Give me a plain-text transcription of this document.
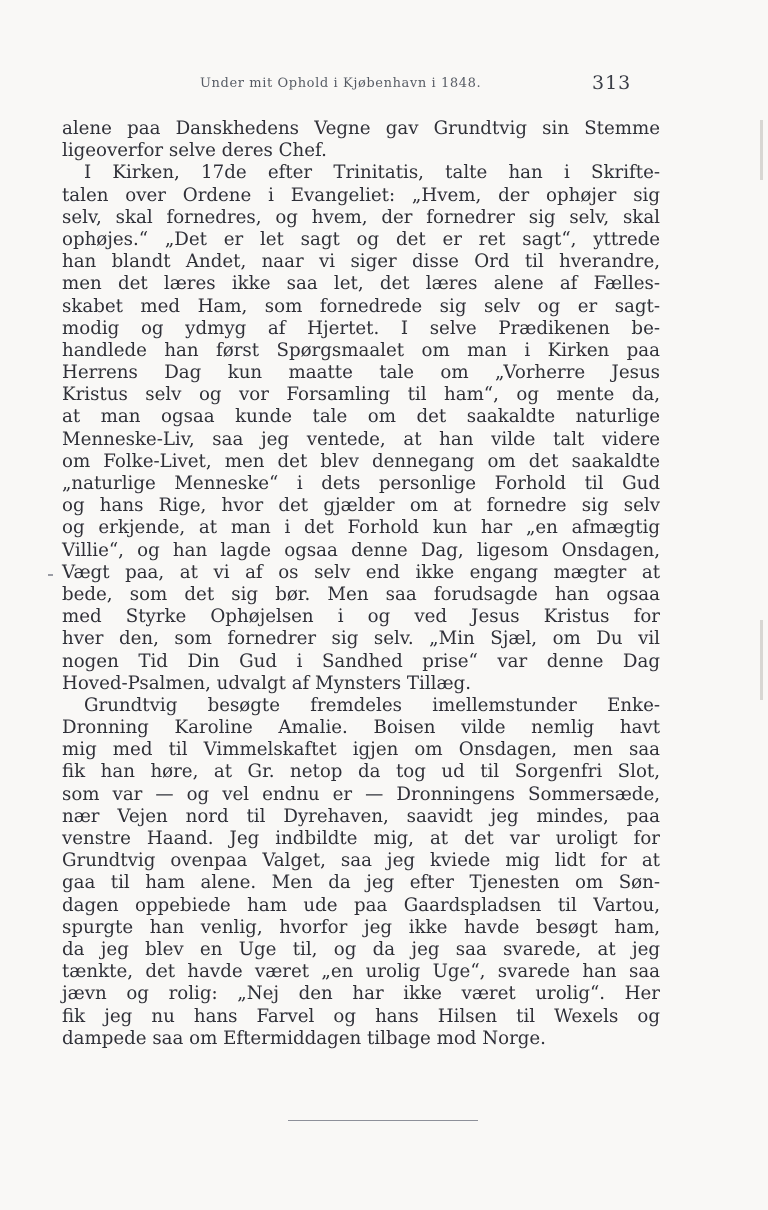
Under mit Ophold i Kjøbenhavn i 1848.	313
alene paa Danskhedens Vegne gav Grundtvig sin Stemme
ligeoverfor selve deres Chef.
I Kirken, 17de efter Trinitatis, talte han i Skrifte-
talen over Ordene i Evangeliet: „Hvem, der ophøjer sig
selv, skal fornedres, og hvem, der fornedrer sig selv, skal
ophøjes.“ „Det er let sagt og det er ret sagt“, yttrede
han blandt Andet, naar vi siger disse Ord til hverandre,
men det læres ikke saa let, det læres alene af Fælles-
skabet med Ham, som fornedrede sig selv og er sagt-
modig og ydmyg af Hjertet. I selve Prædikenen be-
handlede han først Spørgsmaalet om man i Kirken paa
Herrens Dag kun maatte tale om „Vorherre Jesus
Kristus selv og vor Forsamling til ham“, og mente da,
at man ogsaa kunde tale om det saakaldte naturlige
Menneske-Liv, saa jeg ventede, at han vilde talt videre
om Folke-Livet, men det blev dennegang om det saakaldte
„naturlige Menneske“ i dets personlige Forhold til Gud
og hans Rige, hvor det gjælder om at fornedre sig selv
og erkjende, at man i det Forhold kun har „en afmægtig
Villie“, og han lagde ogsaa denne Dag, ligesom Onsdagen,
Vægt paa, at vi af os selv end ikke engang mægter at
bede, som det sig bør. Men saa forudsagde han ogsaa
med Styrke Ophøjelsen i og ved Jesus Kristus for
hver den, som fornedrer sig selv. „Min Sjæl, om Du vil
nogen Tid Din Gud i Sandhed prise“ var denne Dag
Hoved-Psalmen, udvalgt af Mynsters Tillæg.
Grundtvig besøgte fremdeles imellemstunder Enke-
Dronning Karoline Amalie. Boisen vilde nemlig havt
mig med til Vimmelskaftet igjen om Onsdagen, men saa
fik han høre, at Gr. netop da tog ud til Sorgenfri Slot,
som var — og vel endnu er — Dronningens Sommersæde,
nær Vejen nord til Dyrehaven, saavidt jeg mindes, paa
venstre Haand. Jeg indbildte mig, at det var uroligt for
Grundtvig ovenpaa Valget, saa jeg kviede mig lidt for at
gaa til ham alene. Men da jeg efter Tjenesten om Søn-
dagen oppebiede ham ude paa Gaardspladsen til Vartou,
spurgte han venlig, hvorfor jeg ikke havde besøgt ham,
da jeg blev en Uge til, og da jeg saa svarede, at jeg
tænkte, det havde været „en urolig Uge“, svarede han saa
jævn og rolig: „Nej den har ikke været urolig“. Her
fik jeg nu hans Farvel og hans Hilsen til Wexels og
dampede saa om Eftermiddagen tilbage mod Norge.
